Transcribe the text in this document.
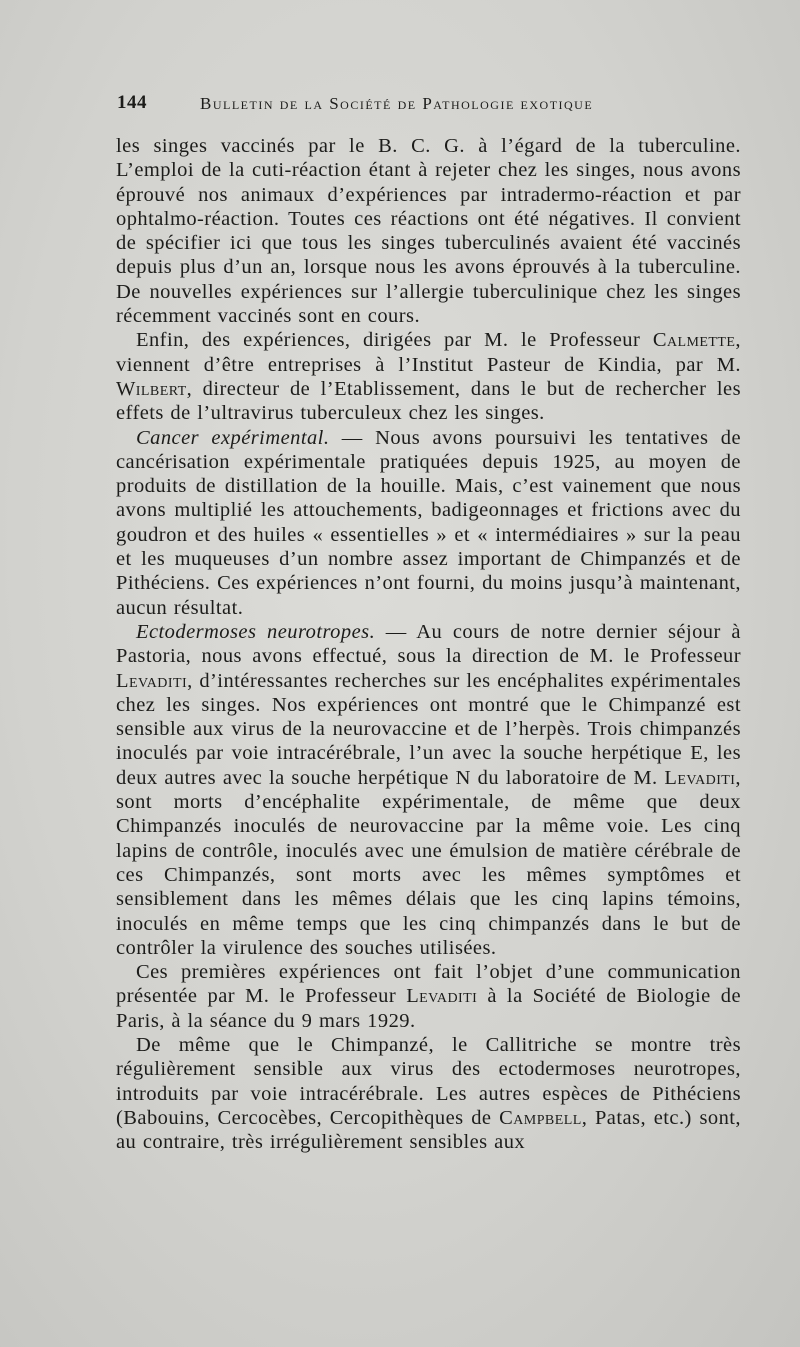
144	Bulletin de la Société de Pathologie exotique

les singes vaccinés par le B. C. G. à l’égard de la tuberculine. L’emploi de la cuti-réaction étant à rejeter chez les singes, nous avons éprouvé nos animaux d’expériences par intradermo-réaction et par ophtalmo-réaction. Toutes ces réactions ont été négatives. Il convient de spécifier ici que tous les singes tuberculinés avaient été vaccinés depuis plus d’un an, lorsque nous les avons éprouvés à la tuberculine. De nouvelles expériences sur l’allergie tuberculinique chez les singes récemment vaccinés sont en cours.

Enfin, des expériences, dirigées par M. le Professeur Calmette, viennent d’être entreprises à l’Institut Pasteur de Kindia, par M. Wilbert, directeur de l’Etablissement, dans le but de rechercher les effets de l’ultravirus tuberculeux chez les singes.

Cancer expérimental. — Nous avons poursuivi les tentatives de cancérisation expérimentale pratiquées depuis 1925, au moyen de produits de distillation de la houille. Mais, c’est vainement que nous avons multiplié les attouchements, badigeonnages et frictions avec du goudron et des huiles « essentielles » et « intermédiaires » sur la peau et les muqueuses d’un nombre assez important de Chimpanzés et de Pithéciens. Ces expériences n’ont fourni, du moins jusqu’à maintenant, aucun résultat.

Ectodermoses neurotropes. — Au cours de notre dernier séjour à Pastoria, nous avons effectué, sous la direction de M. le Professeur Levaditi, d’intéressantes recherches sur les encéphalites expérimentales chez les singes. Nos expériences ont montré que le Chimpanzé est sensible aux virus de la neurovaccine et de l’herpès. Trois chimpanzés inoculés par voie intracérébrale, l’un avec la souche herpétique E, les deux autres avec la souche herpétique N du laboratoire de M. Levaditi, sont morts d’encéphalite expérimentale, de même que deux Chimpanzés inoculés de neurovaccine par la même voie. Les cinq lapins de contrôle, inoculés avec une émulsion de matière cérébrale de ces Chimpanzés, sont morts avec les mêmes symptômes et sensiblement dans les mêmes délais que les cinq lapins témoins, inoculés en même temps que les cinq chimpanzés dans le but de contrôler la virulence des souches utilisées.

Ces premières expériences ont fait l’objet d’une communication présentée par M. le Professeur Levaditi à la Société de Biologie de Paris, à la séance du 9 mars 1929.

De même que le Chimpanzé, le Callitriche se montre très régulièrement sensible aux virus des ectodermoses neurotropes, introduits par voie intracérébrale. Les autres espèces de Pithéciens (Babouins, Cercocèbes, Cercopithèques de Campbell, Patas, etc.) sont, au contraire, très irrégulièrement sensibles aux
